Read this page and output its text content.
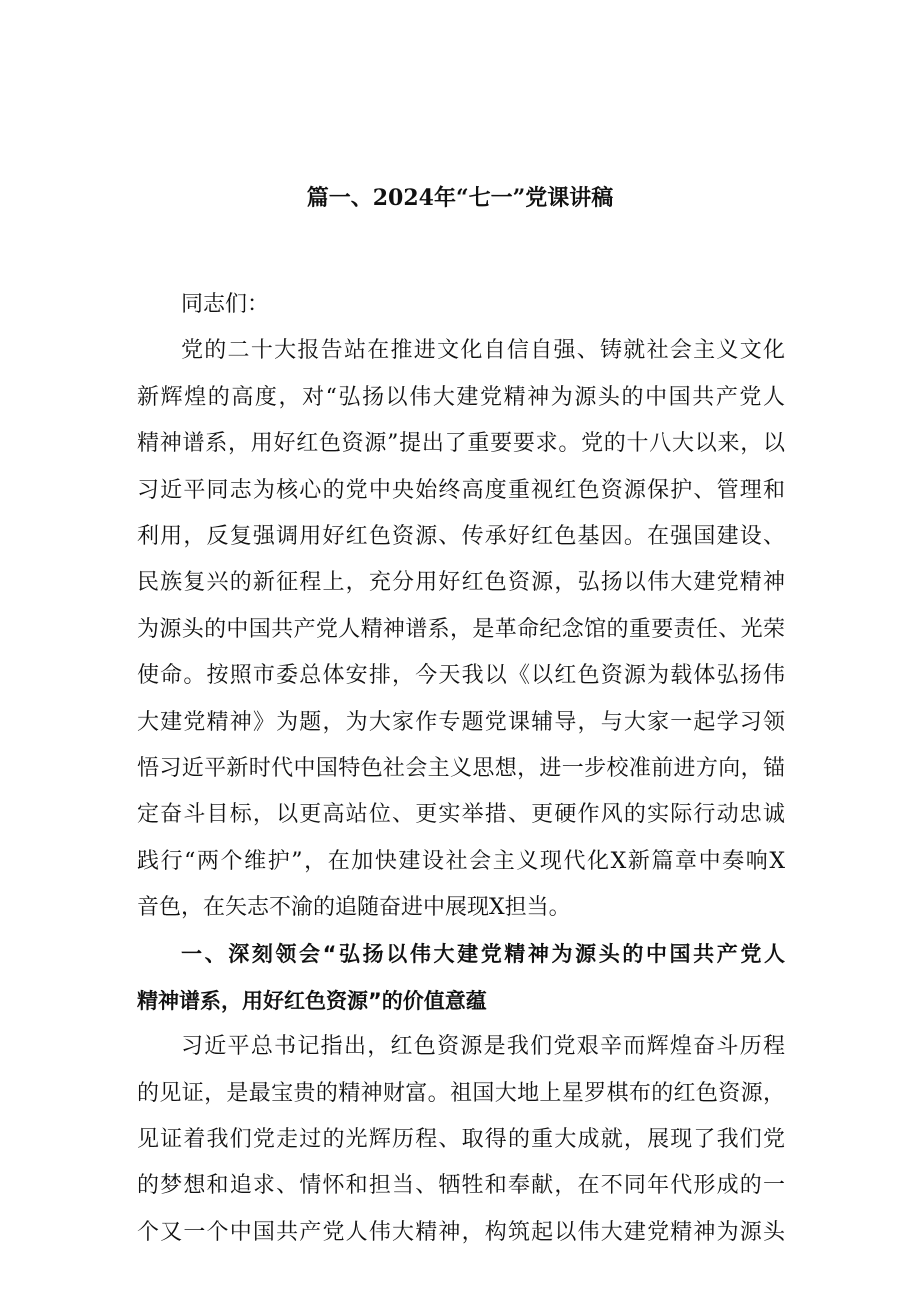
篇一、2024年“七一”党课讲稿
同志们：
党的二十大报告站在推进文化自信自强、铸就社会主义文化
新辉煌的高度，对“弘扬以伟大建党精神为源头的中国共产党人
精神谱系，用好红色资源”提出了重要要求。党的十八大以来，以
习近平同志为核心的党中央始终高度重视红色资源保护、管理和
利用，反复强调用好红色资源、传承好红色基因。在强国建设、
民族复兴的新征程上，充分用好红色资源，弘扬以伟大建党精神
为源头的中国共产党人精神谱系，是革命纪念馆的重要责任、光荣
使命。按照市委总体安排，今天我以《以红色资源为载体弘扬伟
大建党精神》为题，为大家作专题党课辅导，与大家一起学习领
悟习近平新时代中国特色社会主义思想，进一步校准前进方向，锚
定奋斗目标，以更高站位、更实举措、更硬作风的实际行动忠诚
践行“两个维护”，在加快建设社会主义现代化X新篇章中奏响X
音色，在矢志不渝的追随奋进中展现X担当。
一、深刻领会“弘扬以伟大建党精神为源头的中国共产党人
精神谱系，用好红色资源”的价值意蕴
习近平总书记指出，红色资源是我们党艰辛而辉煌奋斗历程
的见证，是最宝贵的精神财富。祖国大地上星罗棋布的红色资源，
见证着我们党走过的光辉历程、取得的重大成就，展现了我们党
的梦想和追求、情怀和担当、牺牲和奉献，在不同年代形成的一
个又一个中国共产党人伟大精神，构筑起以伟大建党精神为源头
